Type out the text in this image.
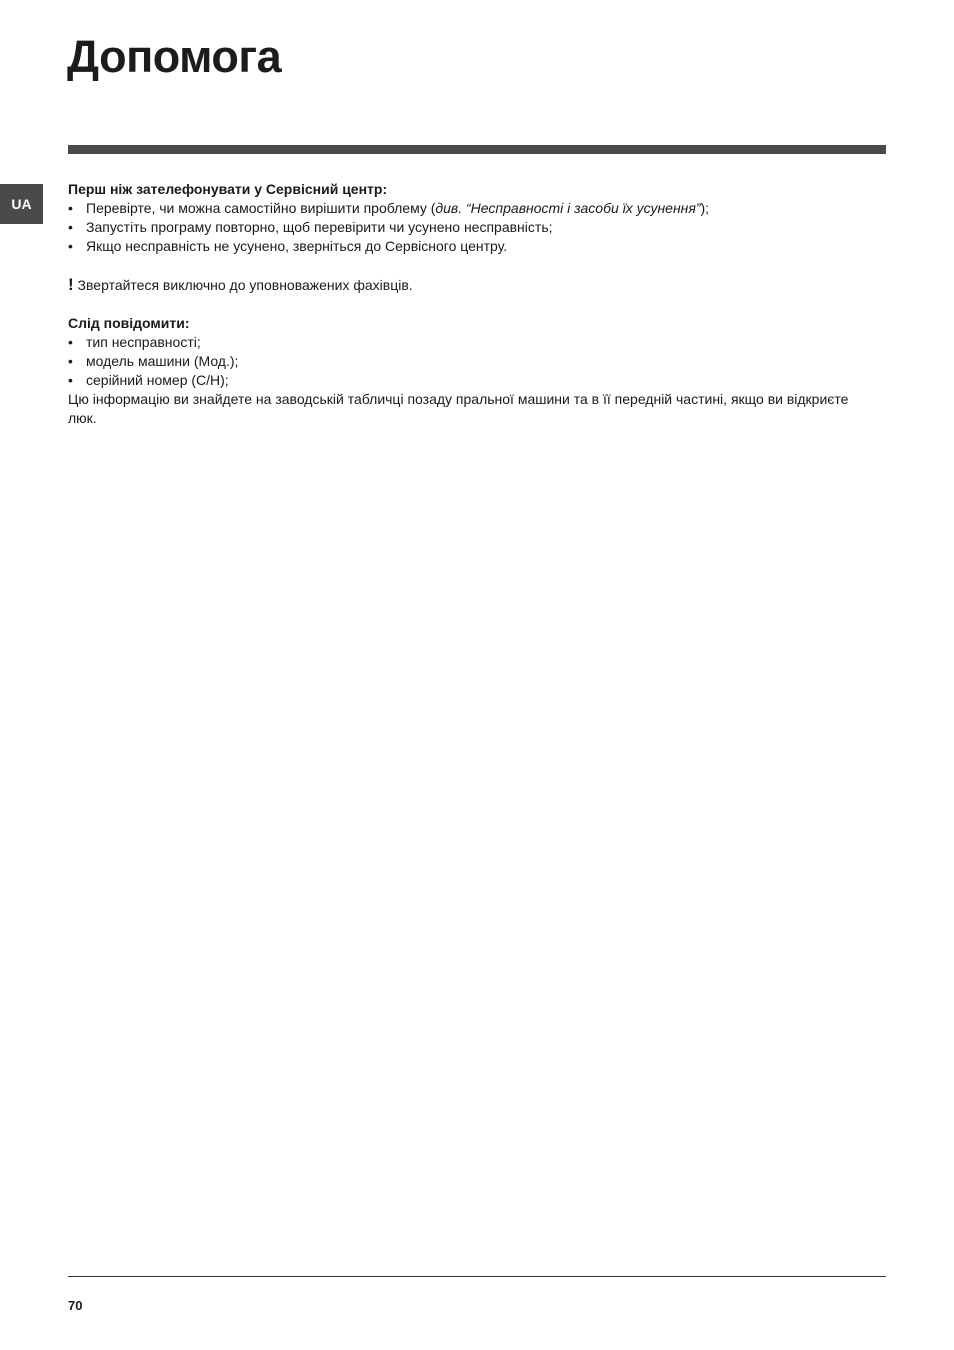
Допомога
UA

Перш ніж зателефонувати у Сервісний центр:

• Перевірте, чи можна самостійно вирішити проблему (див. “Несправності і засоби їх усунення”);
• Запустіть програму повторно, щоб перевірити чи усунено несправність;
• Якщо несправність не усунено, зверніться до Сервісного центру.

! Звертайтеся виключно до уповноважених фахівців.

Слід повідомити:

• тип несправності;
• модель машини (Мод.);
• серійний номер (С/Н);

Цю інформацію ви знайдете на заводській табличці позаду пральної машини та в її передній частині, якщо ви відкриєте люк.

70
